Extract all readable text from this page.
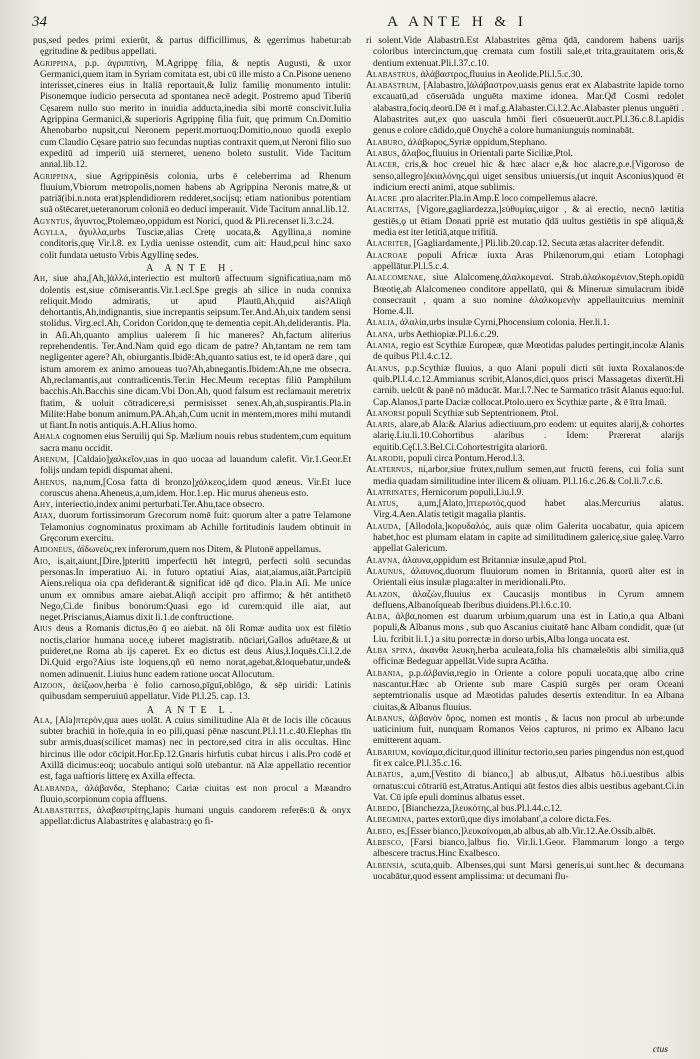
34	A ANTE H & I

pus,sed pedes primi exierūt, & partus difficillimus, & ęgerrimus habetur:ab ęgritudine & pedibus appellati.

Agrippina, p.p. ἀγριππίνη, M.Agrippę filia, & neptis Augusti, & uxor Germanici,quem itam in Syriam comitata est, ubi cū ille misto a Cn.Pisone ueneno interisset,cineres eius in Italiā reportauit,& Iuliz familię monumento intulit: Pisonemque iudicio persecuta ad spontanea necē adegit. Postremo apud Tiberiū Cęsarem nullo suo merito in inuidia adducta,inedia sibi mortē conscivit.Iulia Agrippina Germanici,& superioris Agrippinę filia fuit, quę primum Cn.Domitio Ahenobarbo nupsit,cui Neronem peperit.mortuoq;Domitio,nouo quodā exeplo cum Claudio Cęsare patrio suo fecundas nuptias contraxit quem,ut Neroni filio suo expeditū ad imperiū uiā sterneret, ueneno boleto sustulit. Vide Tacitum annal.lib.12.

Agrippina, siue Agrippinēsis colonia, urbs ē celeberrima ad Rhenum fluuium,Vbiorum metropolis,nomen habens ab Agrippina Neronis matre,& ut patriā(ibi.n.nota erat)splendidiorem redderet,socijsq; etiam nationibus potentiam suā oštēcaret,ueteranorum coloniā eo deduci imperauit. Vide Tacitum annal.lib.12.

Agyntus, ἄγυντος,Ptolemæo,oppidum est Norici, quod & Pli.recenset li.3.c.24.

Agylla, ἄγυλλα,urbs Tusciæ,alias Cretę uocata,& Agyllina,a nomine conditoris,quę Vir.l.8. ex Lydia uenisse ostendit, cum ait: Haud,pcul hinc saxo colit fundata uetusto Vrbis Agyllinę sedes.

A ANTE H.

Ah, siue aha,[Ah,]ἀλλά,interiectio est multorū affectuum significatiua,nam mō dolentis est,siue cōmiserantis.Vir.1.ecl.Spe gregis ah silice in nuda connixa reliquit.Modo admiratis, ut apud Plautū,Ah,quid ais?Aliqñ dehortantis,Ah,indignantis, siue increpantis seipsum.Ter.And.Ah,uix tandem sensi stolidus. Virg.ecl.Ah, Coridon Coridon,quę te dementia cepit.Ah,deliderantis. Pla. in Aſi.Ah,quanto amplius ualerem ſi hic maneres? Ah,factum aliterius reprehendentis. Ter.And.Nam quid ego dicam de patre? Ah,tantam ne rem tam negligenter agere? Ah, obiurgantis.Ibidē:Ah,quanto satius est, te id operā dare , qui istum amorem ex animo amoueas tuo?Ah,abnegantis.Ibidem:Ah,ne me obsecra. Ah,reclamantis,aut contradicentis.Ter.in Hec.Meum receptas filiū Pamphilum bacchis.Ah.Bacchis sine dicam.Vbi Don.Ah, quod falsum est reclamauit meretrix ftatim, & uoluit cōtradicere,si permisisset senex.Ah,ah,suspirantis.Pla.in Milite:Habe bonum animum.PA.Ah,ah,Cum ucnit in mentem,mores mihi mutandi ut fiant.In notis antiquis.A.H.Alius homo.

Ahala cognomen eius Seruilij qui Sp. Mælium nouis rebus studentem,cum equitum sacra manu occidit.

Ahenum, [Caldaio]χαλκεῖον,uas in quo uocaa ad lauandum calefit. Vir.1.Geor.Et folijs undam tepidi dispumat aheni.

Ahenus, na,num,[Cosa fatta di bronzo]χάλκεος,idem quod æneus. Vir.Et luce coruscus ahena.Aheneus,a,um,idem. Hor.1.ep. Hic murus aheneus esto.

Ahy, interiectio,index animi perturbati.Ter.Ahu,tace obsecro.

Aiax, duorum fortissimorum Grecorum nomē fuit: quorum alter a patre Telamone Telamonius cognominatus proximam ab Achille fortitudinis laudem obtinuit in Grȩcorum exercitu.

Aidoneus, ἀϊδωνεὺς,rex inferorum,quem nos Ditem, & Plutonē appellamus.

Aio, is,ait,aiunt,[Dire,]pteritū imperfectū hēt integrū, perfecti solū secundas personas.In imperatiuo Ai. in futuro optatiui Aias, aiat,aiamus,aiāt.Partcipiū Aiens.reliqua oia cpa defiderant.& significat idē qđ dico. Pla.in Aſi. Me unice unum ex omnibus amare aiebat.Aliqñ accipit pro affirmo; & hēt antithetō Nego,Ci.de finibus bonorum:Quasi ego id curem:quid ille aiat, aut neget.Priscianus,Aiamus dixit li.1.de conftructione.

Aius deus a Romanis dictus,ēo q̄ eo aiebat. nā ōli Romæ audita uox est filētio noctis,clarior humana uoce,ę iuberet magistratib. nūciari,Gallos aduētare,& ut puideret,ne Roma ab ijs caperet. Ex eo dictus est deus Aius,ł.Ioquēs.Ci.l.2.de Di.Quid ergo?Aius iste loquens,qñ eū nemo norat,agebat,&loquebatur,unde& nomen adinuenit. Liuius hunc eadem ratione uocat Allocutum.

Aizoon, ἀείζωον,herba è folio carnoso,pīguī,oblōgo, & sēp uiridi: Latinis quibusdam semperuiuū appellatur. Vide Pl.l.25. cap. 13.

A ANTE L.

Ala, [Ala]πτερὸν,qua aues uolāt. A cuius similitudine Ala ēt de locis ille cōcauus subter brachiū in hoīe,quia in eo pili,quasi pēnæ nascunt.Pl.l.11.c.40.Elephas tīn subr armis,duas(scilicet mamas) nec in pectore,sed citra in alis occultas. Hinc hircinus ille odor cōcipit.Hor.Ep.12.Gnaris hirfutis cubat hircus i alis.Pro codē et Axillā dicimus:eoq; uocabulo antiqui solū utebantur. nā Alæ appellatio recentior est, faga uaftioris litterę ex Axilla effecta.

Alabanda, ἀλάβανδα, Stephano; Cariæ ciuitas est non procul a Mæandro fluuio,scorpionum copia affluens.

Alabastrites, ἀλαβαστρίτης,lapis humani unguis candorem referēs:ū & onyx appellat:dictus Alabastrites ę alabastra:ǫ ęo fi-

ri solent.Vide Alabastrū.Est Alabastrites gēma q̄dā, candorem habens uarijs coloribus intercinctum,quę cremata cum fostili sale,et trita,grauitatem oris,& dentium extenuat.Pli.l.37.c.10.

Alabastrus, ἀλάβαστρος,fluuius in Aeolide.Pli.l.5.c.30.

Alabastrum, [Alabastro,]ἀλάβαστρον,uasis genus erat ex Alabastrite lapide torno excauatū,ad cōseruāda unguēta maxime idonea. Mar.Qđ Cosmi redolet alabastra,fociq.deorū.Dē ēt i maf.g.Alabaster.Ci.l.2.Ac.Alabaster plenus unguēti . Alabastrites aut,ex quo uascula hmōi fieri cōsueuerūt.auct.Pl.l.36.c.8.Lapidis genus e colore cādido,quē Onychē a colore humaniunguis nominabāt.

Alaburo, ἀλάβωρος,Syriæ oppidum,Stephano.

Alabus, ἄλαβος,fluuius in Orientali parte Siciliæ,Ptol.

Alacer, cris,& hoc creuel hic & hæc alacr e,& hoc alacre,p.e.[Vigoroso de senso,allegro]ἐκιαλόνης,qui uiget sensibus uniuersis,(ut inquit Asconius)quod ēt indicium erecti animi, atque sublimis.

Alacre .pro alacriter.Pla.in Amp.E loco compellemus alacre.

Alacritas, [Vigore,gagliardezza,]εὐθυμίας,uigor , & ai erectio, necnō lætitia gestiēs,ǫ ut ētiam Donati ppriē est mutatio q̄dā uultus gestiētis in spē aliquā,& media est iter letitiā,atque trifitiā.

Alacriter, [Gagliardamente,] Pli.lib.20.cap.12. Secuta ætas alacriter defendit.

Alacroae populi Africæ iuxta Aras Philænorum,qui etiam Lotophagi appellātur.Pl.l.5.c.4.

Alalcomenae, siue Alalcomenę,ἀλαλκομεναί. Strab.ἀλαλκομένιον,Steph.opidū Bœotię,ab Alalcomeneo conditore appellatū, qui & Mineruæ simulacrum ibidē consecrauit , quam a suo nomine ἀλαλκομενὴν appellauitcuius meminit Home.4.Il.

Alalia, ἀλαλία,urbs insulæ Cyrni,Phocensium colonia. Her.li.1.

Alana, urbs Aethiopiæ.Pl.l.6.c.29.

Alania, regio est Scythiæ Europeæ, quæ Mœotidas paludes pertingit,incolæ Alanis de quibus Pl.l.4.c.12.

Alanus, p.p.Scythiæ fluuius, a quo Alani populi dicti sūt iuxta Roxalanos:de quib.Pl.l.4.c.12.Ammianus scribit,Alanos,dici,quos prisci Massagetas dixerūt.Hi carnib. uelcūt & panē nō māducāt. Mar.l.7.Nec te Sarmatico trāsit Alanus equo:Iul. Cap.Alanos,ī parte Daciæ collocat.Ptolo.uero ex Scythiæ parte , & ē ītra Imaū.

Alanorsi populi Scythiæ sub Septentrionem. Ptol.

Alaris, alare,ab Ala:& Alarius adiectiuum,pro eodem: ut equites alarij,& cohortes alarię.Liu.li.10.Cohortibus alaribus . Idem: Prærerat alarijs equitib.Cęſ.l.3.Bel.Ci.Cohortestrigita alariorū.

Alarodii, populi circa Pontum.Herod.l.3.

Alaternus, ni,arbor,siue frutex,nullum semen,aut fructū ferens, cui folia sunt media quadam similitudine inter ilicem & oliuam. Pl.l.16.c.26.& Col.li.7.c.6.

Alatrinates, Hernicorum populi,Liu.l.9.

Alatus, a,um,[Alato,]πτερωτὸς,quod habet alas.Mercurius alatus. Virg.4.Aen.Alatis tetigit magalia plantis.

Alauda, [Allodola,]κορυδαλός, auis quæ olim Galerita uocabatur, quia apicem habet,hoc est plumam elatam in capite ad similitudinem galericę,siue galeę.Varro appellat Galericum.

Alavna, ἀλαυνα,oppidum est Britanniæ insulæ,apud Ptol.

Alaunus, ἀλαυνος,duorum fluuiorum nomen in Britannia, quorū alter est in Orientali eius insulæ plaga:alter in meridionali.Pto.

Alazon, ἀλαζὼν,fluuius ex Caucasijs montibus in Cyrum amnem defluens,Albanoſqueab Iberibus diuidens.Pl.l.6.c.10.

Alba, ἀλβα,nomen est duarum urbium,quarum una est in Latio,a qua Albani populi,& Albanus mons , sub quo Ascanius ciuitatē hanc Albam condidit, quæ (ut Liu. fcribit li.1.) a situ porrectæ in dorso urbis,Alba longa uocata est.

Alba spina, ἀκανθα λευκη,herba aculeata,folia hīs chamæleōtis albi similia,quā officinæ Bedeguar appellāt.Vide supra Acātha.

Albania, p.p.ἀλβανία,regio in Oriente a colore populi uocata,quę albo crine nascantur.Hæc ab Oriente sub mare Caspiū surgēs per oram Oceani septemtrionalis usque ad Mæotidas paludes desertis extenditur. In ea Albana ciuitas,& Albanus fluuius.

Albanus, ἀλβανὸν ὄρος, nomen est montis , & lacus non procul ab urbe:unde uaticinium fuit, nunquam Romanos Veios capturos, ni primo ex Albano lacu emitterent aquam.

Albarium, κονίαμα,dicitur,quod illinitur tectorio,seu paries pingendus non est,quod fit ex calce.Pl.l.35.c.16.

Albatus, a,um,[Vestito di bianco,] ab albus,ut, Albatus hō.i.uestibus albis ornatus:cui cōtrariū est,Atratus.Antiqui aūt festos dies albis uestibus agebant.Ci.in Vat. Cū ipſe epuli dominus albatus esset.

Albedo, [Bianchezza,]λευκότης,al bus.Pl.l.44.c.12.

Albegmina, partes extorū,que diys imolabanť,a colore dicta.Fes.

Albeo, es,[Esser bianco,]λευκαίνομαι,ab albus,ab alb.Vir.12.Ae.Ossib.albēt.

Albesco, [Farsi bianco,]albus fio. Vir.li.1.Geor. Flammarum longo a tergo albescere tractus.Hinc Exalbesco.

Albensia, scuta,quib. Albenses,qui sunt Marsi generis,ui sunt.hec & decumana uocabātur,quod essent amplissima: ut decumani flu-

ctus
